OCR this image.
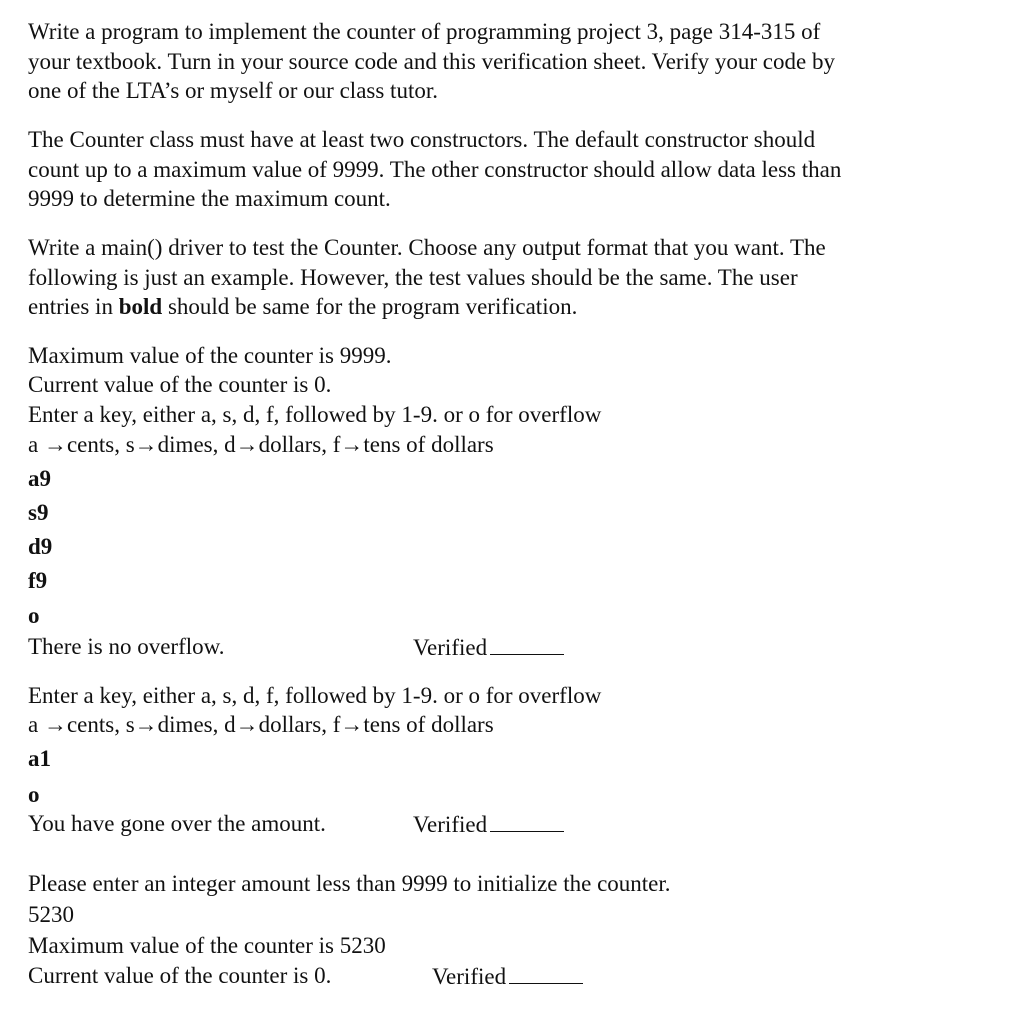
Write a program to implement the counter of programming project 3, page 314-315 of
your textbook. Turn in your source code and this verification sheet. Verify your code by
one of the LTA’s or myself or our class tutor.
The Counter class must have at least two constructors. The default constructor should
count up to a maximum value of 9999. The other constructor should allow data less than
9999 to determine the maximum count.
Write a main() driver to test the Counter. Choose any output format that you want. The
following is just an example. However, the test values should be the same. The user
entries in bold should be same for the program verification.
Maximum value of the counter is 9999.
Current value of the counter is 0.
Enter a key, either a, s, d, f, followed by 1-9. or o for overflow
a →cents, s→dimes, d→dollars, f→tens of dollars
a9
s9
d9
f9
o
There is no overflow.	Verified
Enter a key, either a, s, d, f, followed by 1-9. or o for overflow
a →cents, s→dimes, d→dollars, f→tens of dollars
a1
o
You have gone over the amount.	Verified
Please enter an integer amount less than 9999 to initialize the counter.
5230
Maximum value of the counter is 5230
Current value of the counter is 0.	Verified
